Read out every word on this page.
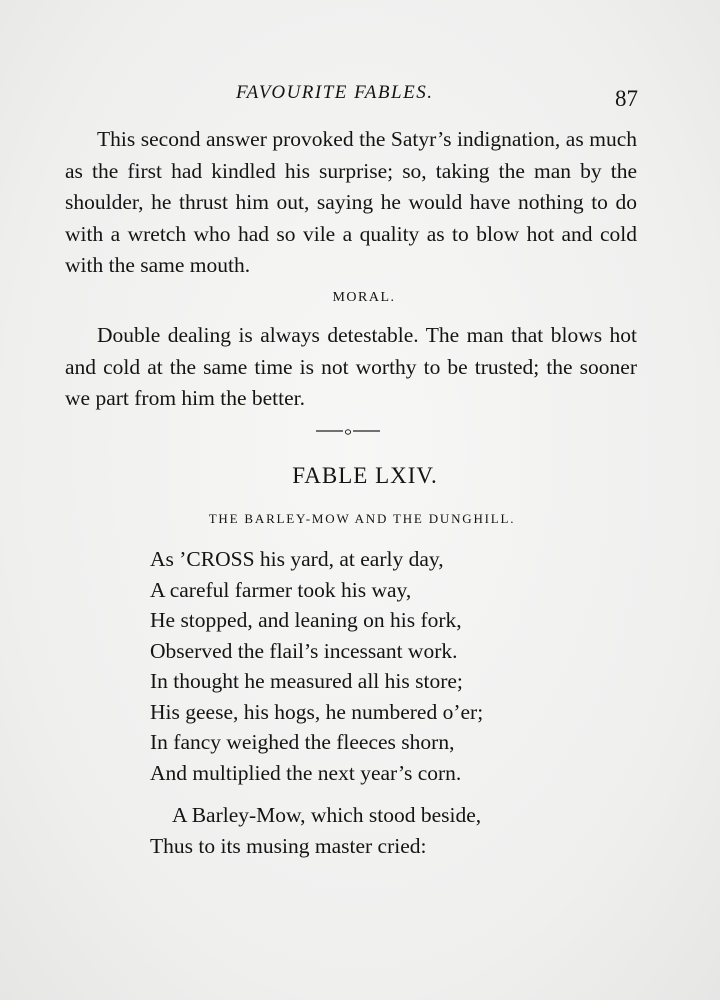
FAVOURITE FABLES.	87

This second answer provoked the Satyr’s indignation, as much as the first had kindled his surprise; so, taking the man by the shoulder, he thrust him out, saying he would have nothing to do with a wretch who had so vile a quality as to blow hot and cold with the same mouth.

MORAL.

Double dealing is always detestable. The man that blows hot and cold at the same time is not worthy to be trusted; the sooner we part from him the better.

FABLE LXIV.
THE BARLEY-MOW AND THE DUNGHILL.
As ’CROSS his yard, at early day,
A careful farmer took his way,
He stopped, and leaning on his fork,
Observed the flail’s incessant work.
In thought he measured all his store;
His geese, his hogs, he numbered o’er;
In fancy weighed the fleeces shorn,
And multiplied the next year’s corn.
A Barley-Mow, which stood beside,
Thus to its musing master cried:
